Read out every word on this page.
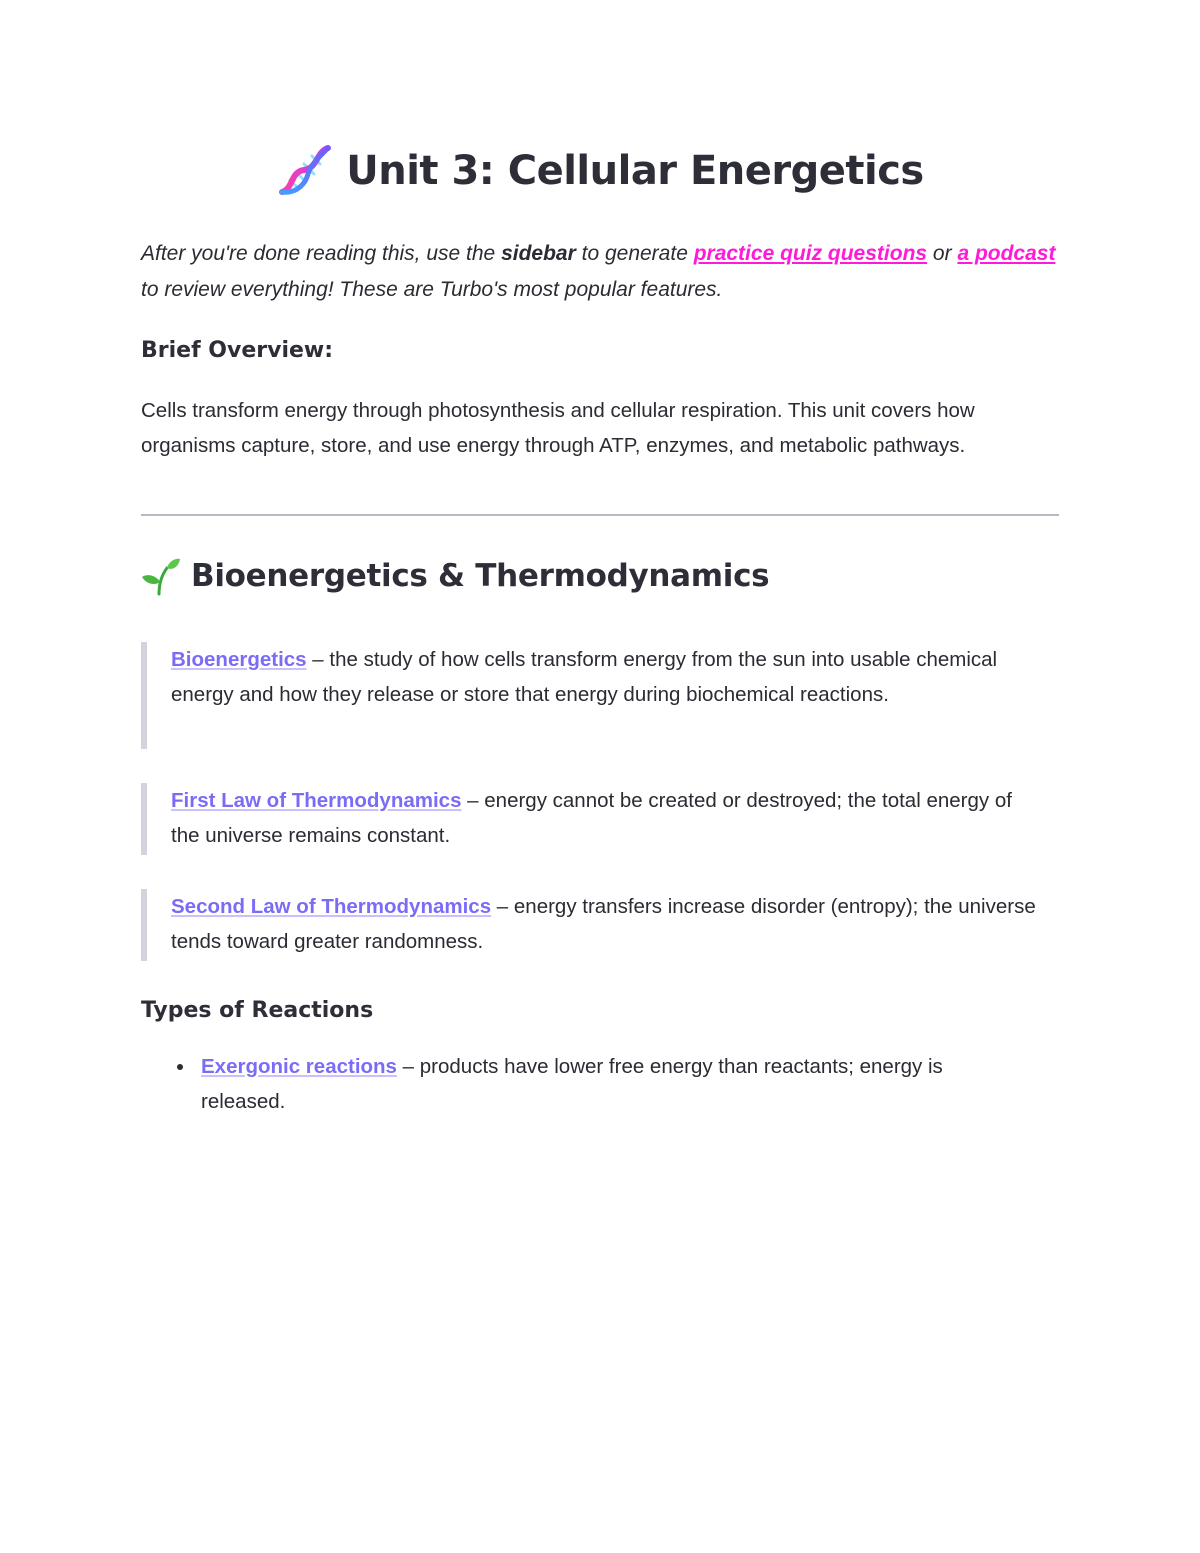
Unit 3: Cellular Energetics
After you're done reading this, use the sidebar to generate practice quiz questions or a podcast to review everything! These are Turbo's most popular features.
Brief Overview:
Cells transform energy through photosynthesis and cellular respiration. This unit covers how organisms capture, store, and use energy through ATP, enzymes, and metabolic pathways.
Bioenergetics & Thermodynamics
Bioenergetics – the study of how cells transform energy from the sun into usable chemical energy and how they release or store that energy during biochemical reactions.
First Law of Thermodynamics – energy cannot be created or destroyed; the total energy of the universe remains constant.
Second Law of Thermodynamics – energy transfers increase disorder (entropy); the universe tends toward greater randomness.
Types of Reactions
Exergonic reactions – products have lower free energy than reactants; energy is released.
